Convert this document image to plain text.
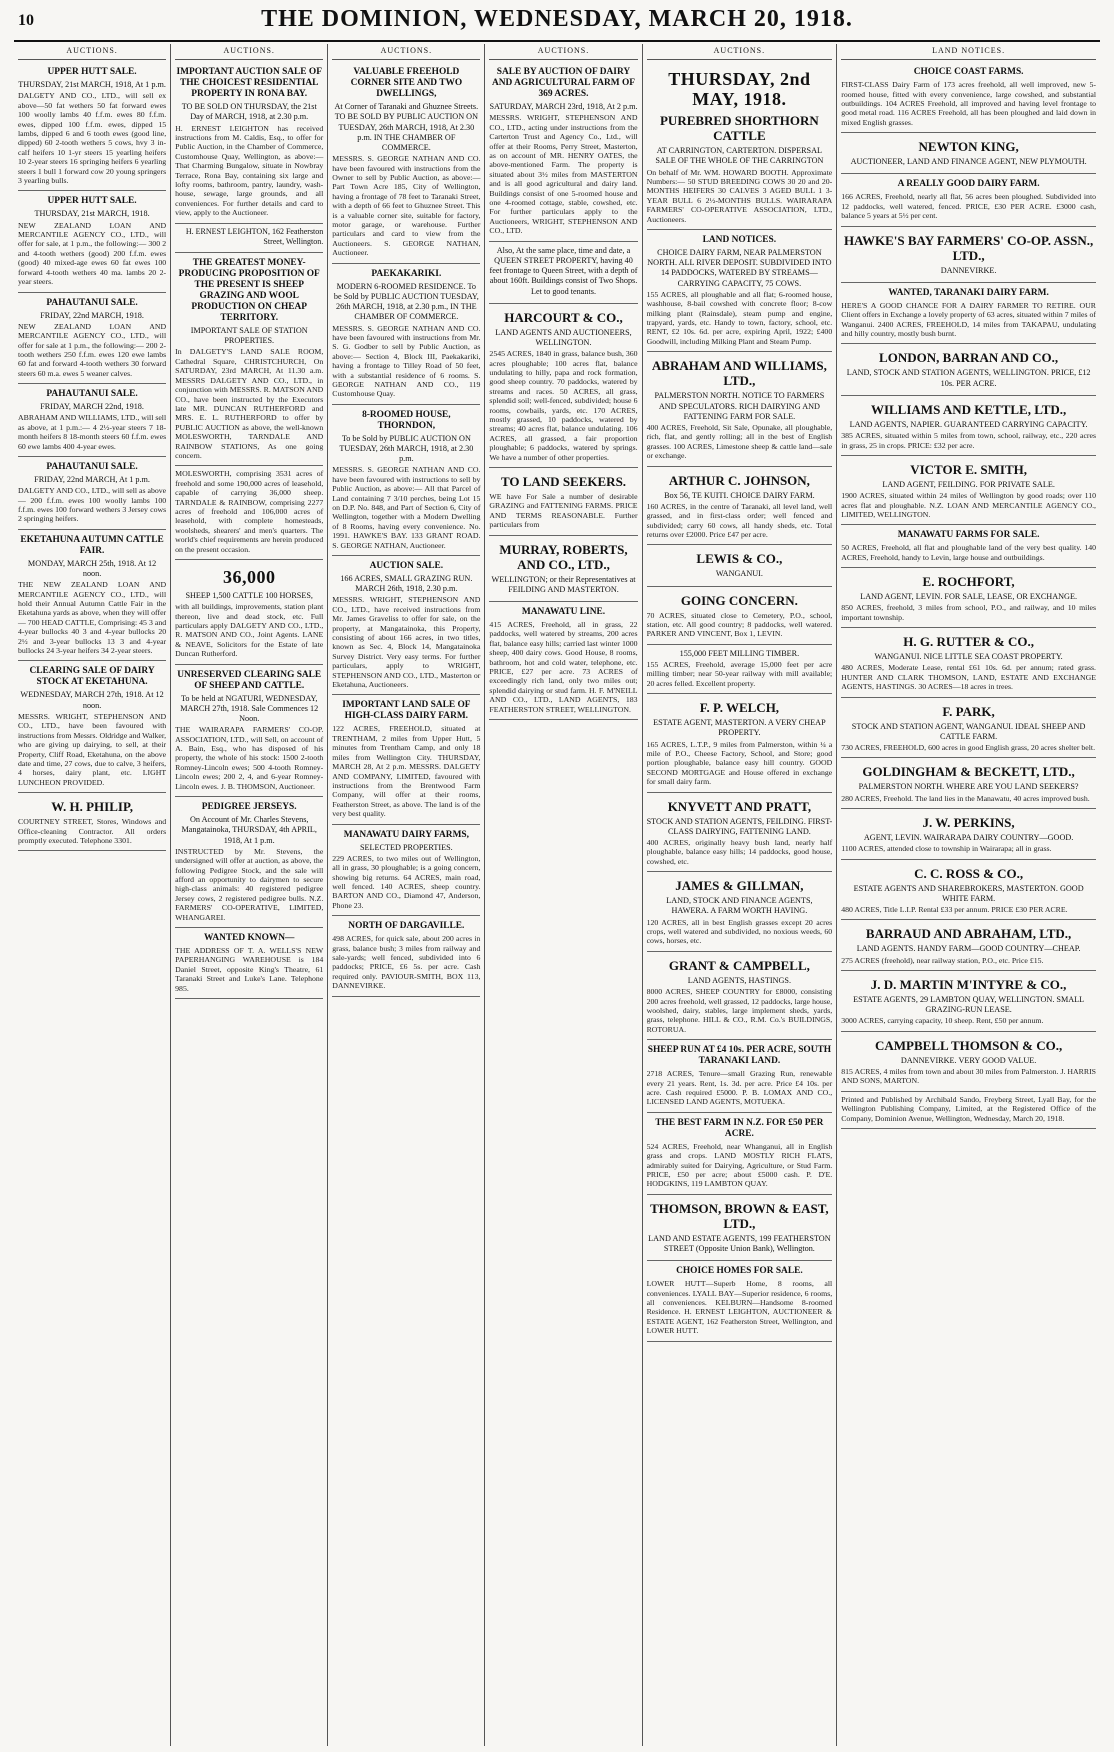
10	THE DOMINION, WEDNESDAY, MARCH 20, 1918.
AUCTIONS.
UPPER HUTT SALE.
THURSDAY, 21st MARCH, 1918, At 1 p.m.
DALGETY AND CO., LTD., will sell ex above—50 fat wethers 50 fat forward ewes 100 woolly lambs 40 f.f.m. ewes 80 f.f.m. ewes, dipped 100 f.f.m. ewes, dipped 15 lambs, dipped 6 and 6 tooth ewes (good line, dipped) 60 2-tooth wethers 5 cows, hvy 3 in-calf heifers 10 1-yr steers 15 yearling heifers 10 2-year steers 16 springing heifers 6 yearling steers 1 bull 1 forward cow 20 young springers 3 yearling bulls.
UPPER HUTT SALE.
THURSDAY, 21st MARCH, 1918.
NEW ZEALAND LOAN AND MERCANTILE AGENCY CO., LTD., will offer for sale, at 1 p.m., the following:— 300 2 and 4-tooth wethers (good) 200 f.f.m. ewes (good) 40 mixed-age ewes 60 fat ewes 100 forward 4-tooth wethers 40 ma. lambs 20 2-year steers.
PAHAUTANUI SALE.
FRIDAY, 22nd MARCH, 1918.
NEW ZEALAND LOAN AND MERCANTILE AGENCY CO., LTD., will offer for sale at 1 p.m., the following:— 200 2-tooth wethers 250 f.f.m. ewes 120 ewe lambs 60 fat and forward 4-tooth wethers 30 forward steers 60 m.a. ewes 5 weaner calves.
PAHAUTANUI SALE.
FRIDAY, MARCH 22nd, 1918.
ABRAHAM AND WILLIAMS, LTD., will sell as above, at 1 p.m.:— 4 2½-year steers 7 18-month heifers 8 18-month steers 60 f.f.m. ewes 60 ewe lambs 400 4-year ewes.
PAHAUTANUI SALE.
FRIDAY, 22nd MARCH, At 1 p.m.
DALGETY AND CO., LTD., will sell as above— 200 f.f.m. ewes 100 woolly lambs 100 f.f.m. ewes 100 forward wethers 3 Jersey cows 2 springing heifers.
EKETAHUNA AUTUMN CATTLE FAIR.
MONDAY, MARCH 25th, 1918. At 12 noon.
THE NEW ZEALAND LOAN AND MERCANTILE AGENCY CO., LTD., will hold their Annual Autumn Cattle Fair in the Eketahuna yards as above, when they will offer— 700 HEAD CATTLE, Comprising: 45 3 and 4-year bullocks 40 3 and 4-year bullocks 20 2½ and 3-year bullocks 13 3 and 4-year bullocks 24 3-year heifers 34 2-year steers.
CLEARING SALE OF DAIRY STOCK AT EKETAHUNA.
WEDNESDAY, MARCH 27th, 1918. At 12 noon.
MESSRS. WRIGHT, STEPHENSON AND CO., LTD., have been favoured with instructions from Messrs. Oldridge and Walker, who are giving up dairying, to sell, at their Property, Cliff Road, Eketahuna, on the above date and time, 27 cows, due to calve, 3 heifers, 4 horses, dairy plant, etc. LIGHT LUNCHEON PROVIDED.
W. H. PHILIP,
COURTNEY STREET, Stores, Windows and Office-cleaning Contractor. All orders promptly executed. Telephone 3301.
AUCTIONS.
IMPORTANT AUCTION SALE OF THE CHOICEST RESIDENTIAL PROPERTY IN RONA BAY.
TO BE SOLD ON THURSDAY, the 21st Day of MARCH, 1918, at 2.30 p.m.
H. ERNEST LEIGHTON has received instructions from M. Caldis, Esq., to offer for Public Auction, in the Chamber of Commerce, Customhouse Quay, Wellington, as above:— That Charming Bungalow, situate in Nowbray Terrace, Rona Bay, containing six large and lofty rooms, bathroom, pantry, laundry, wash-house, sewage, large grounds, and all conveniences. For further details and card to view, apply to the Auctioneer.
H. ERNEST LEIGHTON, 162 Featherston Street, Wellington.
THE GREATEST MONEY-PRODUCING PROPOSITION OF THE PRESENT IS SHEEP GRAZING AND WOOL PRODUCTION ON CHEAP TERRITORY.
IMPORTANT SALE OF STATION PROPERTIES.
In DALGETY'S LAND SALE ROOM, Cathedral Square, CHRISTCHURCH, On SATURDAY, 23rd MARCH, At 11.30 a.m. MESSRS DALGETY AND CO., LTD., in conjunction with MESSRS. R. MATSON AND CO., have been instructed by the Executors late MR. DUNCAN RUTHERFORD and MRS. E. L. RUTHERFORD to offer by PUBLIC AUCTION as above, the well-known MOLESWORTH, TARNDALE AND RAINBOW STATIONS, As one going concern.
MOLESWORTH, comprising 3531 acres of freehold and some 190,000 acres of leasehold, capable of carrying 36,000 sheep. TARNDALE & RAINBOW, comprising 2277 acres of freehold and 106,000 acres of leasehold, with complete homesteads, woolsheds, shearers' and men's quarters. The world's chief requirements are herein produced on the present occasion.
36,000
SHEEP 1,500 CATTLE 100 HORSES,
with all buildings, improvements, station plant thereon, live and dead stock, etc. Full particulars apply DALGETY AND CO., LTD., R. MATSON AND CO., Joint Agents. LANE & NEAVE, Solicitors for the Estate of late Duncan Rutherford.
UNRESERVED CLEARING SALE OF SHEEP AND CATTLE.
To be held at NGATURI, WEDNESDAY, MARCH 27th, 1918. Sale Commences 12 Noon.
THE WAIRARAPA FARMERS' CO-OP. ASSOCIATION, LTD., will Sell, on account of A. Bain, Esq., who has disposed of his property, the whole of his stock: 1500 2-tooth Romney-Lincoln ewes; 500 4-tooth Romney-Lincoln ewes; 200 2, 4, and 6-year Romney-Lincoln ewes. J. B. THOMSON, Auctioneer.
PEDIGREE JERSEYS.
On Account of Mr. Charles Stevens, Mangatainoka, THURSDAY, 4th APRIL, 1918, At 1 p.m.
INSTRUCTED by Mr. Stevens, the undersigned will offer at auction, as above, the following Pedigree Stock, and the sale will afford an opportunity to dairymen to secure high-class animals: 40 registered pedigree Jersey cows, 2 registered pedigree bulls. N.Z. FARMERS' CO-OPERATIVE, LIMITED, WHANGAREI.
WANTED KNOWN—
THE ADDRESS OF T. A. WELLS'S NEW PAPERHANGING WAREHOUSE is 184 Daniel Street, opposite King's Theatre, 61 Taranaki Street and Luke's Lane. Telephone 985.
AUCTIONS.
VALUABLE FREEHOLD CORNER SITE AND TWO DWELLINGS,
At Corner of Taranaki and Ghuznee Streets. TO BE SOLD BY PUBLIC AUCTION ON TUESDAY, 26th MARCH, 1918, At 2.30 p.m. IN THE CHAMBER OF COMMERCE.
MESSRS. S. GEORGE NATHAN AND CO. have been favoured with instructions from the Owner to sell by Public Auction, as above:— Part Town Acre 185, City of Wellington, having a frontage of 78 feet to Taranaki Street, with a depth of 66 feet to Ghuznee Street. This is a valuable corner site, suitable for factory, motor garage, or warehouse. Further particulars and card to view from the Auctioneers. S. GEORGE NATHAN, Auctioneer.
PAEKAKARIKI.
MODERN 6-ROOMED RESIDENCE. To be Sold by PUBLIC AUCTION TUESDAY, 26th MARCH, 1918, at 2.30 p.m., IN THE CHAMBER OF COMMERCE.
MESSRS. S. GEORGE NATHAN AND CO. have been favoured with instructions from Mr. S. G. Godber to sell by Public Auction, as above:— Section 4, Block III, Paekakariki, having a frontage to Tilley Road of 50 feet, with a substantial residence of 6 rooms. S. GEORGE NATHAN AND CO., 119 Customhouse Quay.
8-ROOMED HOUSE, THORNDON,
To be Sold by PUBLIC AUCTION ON TUESDAY, 26th MARCH, 1918, at 2.30 p.m.
MESSRS. S. GEORGE NATHAN AND CO. have been favoured with instructions to sell by Public Auction, as above:— All that Parcel of Land containing 7 3/10 perches, being Lot 15 on D.P. No. 848, and Part of Section 6, City of Wellington, together with a Modern Dwelling of 8 Rooms, having every convenience. No. 1991. HAWKE'S BAY. 133 GRANT ROAD. S. GEORGE NATHAN, Auctioneer.
AUCTION SALE.
166 ACRES, SMALL GRAZING RUN. MARCH 26th, 1918, 2.30 p.m.
MESSRS. WRIGHT, STEPHENSON AND CO., LTD., have received instructions from Mr. James Graveliss to offer for sale, on the property, at Mangatainoka, this Property, consisting of about 166 acres, in two titles, known as Sec. 4, Block 14, Mangatainoka Survey District. Very easy terms. For further particulars, apply to WRIGHT, STEPHENSON AND CO., LTD., Masterton or Eketahuna, Auctioneers.
IMPORTANT LAND SALE OF HIGH-CLASS DAIRY FARM.
122 ACRES, FREEHOLD, situated at TRENTHAM, 2 miles from Upper Hutt, 5 minutes from Trentham Camp, and only 18 miles from Wellington City. THURSDAY, MARCH 28, At 2 p.m. MESSRS. DALGETY AND COMPANY, LIMITED, favoured with instructions from the Brentwood Farm Company, will offer at their rooms, Featherston Street, as above. The land is of the very best quality.
MANAWATU DAIRY FARMS,
SELECTED PROPERTIES.
229 ACRES, to two miles out of Wellington, all in grass, 30 ploughable; is a going concern, showing big returns. 64 ACRES, main road, well fenced. 140 ACRES, sheep country. BARTON AND CO., Diamond 47, Anderson, Phone 23.
NORTH OF DARGAVILLE.
498 ACRES, for quick sale, about 200 acres in grass, balance bush; 3 miles from railway and sale-yards; well fenced, subdivided into 6 paddocks; PRICE, £6 5s. per acre. Cash required only. PAVIOUR-SMITH, BOX 113, DANNEVIRKE.
AUCTIONS.
SALE BY AUCTION OF DAIRY AND AGRICULTURAL FARM OF 369 ACRES.
SATURDAY, MARCH 23rd, 1918, At 2 p.m.
MESSRS. WRIGHT, STEPHENSON AND CO., LTD., acting under instructions from the Carterton Trust and Agency Co., Ltd., will offer at their Rooms, Perry Street, Masterton, as on account of MR. HENRY OATES, the above-mentioned Farm. The property is situated about 3½ miles from MASTERTON and is all good agricultural and dairy land. Buildings consist of one 5-roomed house and one 4-roomed cottage, stable, cowshed, etc. For further particulars apply to the Auctioneers, WRIGHT, STEPHENSON AND CO., LTD.
Also, At the same place, time and date, a QUEEN STREET PROPERTY, having 40 feet frontage to Queen Street, with a depth of about 160ft. Buildings consist of Two Shops. Let to good tenants.
HARCOURT & CO.,
LAND AGENTS AND AUCTIONEERS, WELLINGTON.
2545 ACRES, 1840 in grass, balance bush, 360 acres ploughable; 100 acres flat, balance undulating to hilly, papa and rock formation, good sheep country. 70 paddocks, watered by streams and races. 50 ACRES, all grass, splendid soil; well-fenced, subdivided; house 6 rooms, cowbails, yards, etc. 170 ACRES, mostly grassed, 10 paddocks, watered by streams; 40 acres flat, balance undulating. 106 ACRES, all grassed, a fair proportion ploughable; 6 paddocks, watered by springs. We have a number of other properties.
TO LAND SEEKERS.
WE have For Sale a number of desirable GRAZING and FATTENING FARMS. PRICE AND TERMS REASONABLE. Further particulars from
MURRAY, ROBERTS, AND CO., LTD.,
WELLINGTON; or their Representatives at FEILDING AND MASTERTON.
MANAWATU LINE.
415 ACRES, Freehold, all in grass, 22 paddocks, well watered by streams, 200 acres flat, balance easy hills; carried last winter 1000 sheep, 400 dairy cows. Good House, 8 rooms, bathroom, hot and cold water, telephone, etc. PRICE, £27 per acre. 73 ACRES of exceedingly rich land, only two miles out; splendid dairying or stud farm. H. F. M'NEILL AND CO., LTD., LAND AGENTS, 183 FEATHERSTON STREET, WELLINGTON.
AUCTIONS.
THURSDAY, 2nd MAY, 1918.
PUREBRED SHORTHORN CATTLE
AT CARRINGTON, CARTERTON. DISPERSAL SALE OF THE WHOLE OF THE CARRINGTON
On behalf of Mr. WM. HOWARD BOOTH. Approximate Numbers:— 50 STUD BREEDING COWS 30 20 and 20-MONTHS HEIFERS 30 CALVES 3 AGED BULL 1 3-YEAR BULL 6 2½-MONTHS BULLS. WAIRARAPA FARMERS' CO-OPERATIVE ASSOCIATION, LTD., Auctioneers.
LAND NOTICES.
CHOICE DAIRY FARM, NEAR PALMERSTON NORTH. ALL RIVER DEPOSIT. SUBDIVIDED INTO 14 PADDOCKS, WATERED BY STREAMS—CARRYING CAPACITY, 75 COWS.
155 ACRES, all ploughable and all flat; 6-roomed house, washhouse, 8-bail cowshed with concrete floor; 8-cow milking plant (Rainsdale), steam pump and engine, trapyard, yards, etc. Handy to town, factory, school, etc. RENT, £2 10s. 6d. per acre, expiring April, 1922; £400 Goodwill, including Milking Plant and Steam Pump.
ABRAHAM AND WILLIAMS, LTD.,
PALMERSTON NORTH. NOTICE TO FARMERS AND SPECULATORS. RICH DAIRYING AND FATTENING FARM FOR SALE.
400 ACRES, Freehold, Sit Sale, Opunake, all ploughable, rich, flat, and gently rolling; all in the best of English grasses. 100 ACRES, Limestone sheep & cattle land—sale or exchange.
ARTHUR C. JOHNSON,
Box 56, TE KUITI. CHOICE DAIRY FARM.
160 ACRES, in the centre of Taranaki, all level land, well grassed, and in first-class order; well fenced and subdivided; carry 60 cows, all handy sheds, etc. Total returns over £2000. Price £47 per acre.
LEWIS & CO.,
WANGANUI.
GOING CONCERN.
70 ACRES, situated close to Cemetery, P.O., school, station, etc. All good country; 8 paddocks, well watered. PARKER AND VINCENT, Box 1, LEVIN.
155,000 FEET MILLING TIMBER.
155 ACRES, Freehold, average 15,000 feet per acre milling timber; near 50-year railway with mill available; 20 acres felled. Excellent property.
F. P. WELCH,
ESTATE AGENT, MASTERTON. A VERY CHEAP PROPERTY.
165 ACRES, L.T.P., 9 miles from Palmerston, within ¼ a mile of P.O., Cheese Factory, School, and Store; good portion ploughable, balance easy hill country. GOOD SECOND MORTGAGE and House offered in exchange for small dairy farm.
KNYVETT AND PRATT,
STOCK AND STATION AGENTS, FEILDING. FIRST-CLASS DAIRYING, FATTENING LAND.
400 ACRES, originally heavy bush land, nearly half ploughable, balance easy hills; 14 paddocks, good house, cowshed, etc.
JAMES & GILLMAN,
LAND, STOCK AND FINANCE AGENTS, HAWERA. A FARM WORTH HAVING.
120 ACRES, all in best English grasses except 20 acres crops, well watered and subdivided, no noxious weeds, 60 cows, horses, etc.
GRANT & CAMPBELL,
LAND AGENTS, HASTINGS.
8000 ACRES, SHEEP COUNTRY for £8000, consisting 200 acres freehold, well grassed, 12 paddocks, large house, woolshed, dairy, stables, large implement sheds, yards, grass, telephone. HILL & CO., R.M. Co.'s BUILDINGS, ROTORUA.
SHEEP RUN AT £4 10s. PER ACRE, SOUTH TARANAKI LAND.
2718 ACRES, Tenure—small Grazing Run, renewable every 21 years. Rent, 1s. 3d. per acre. Price £4 10s. per acre. Cash required £5000. P. B. LOMAX AND CO., LICENSED LAND AGENTS, MOTUEKA.
THE BEST FARM IN N.Z. FOR £50 PER ACRE.
524 ACRES, Freehold, near Whanganui, all in English grass and crops. LAND MOSTLY RICH FLATS, admirably suited for Dairying, Agriculture, or Stud Farm. PRICE, £50 per acre; about £5000 cash. P. D'E. HODGKINS, 119 LAMBTON QUAY.
THOMSON, BROWN & EAST, LTD.,
LAND AND ESTATE AGENTS, 199 FEATHERSTON STREET (Opposite Union Bank), Wellington.
CHOICE HOMES FOR SALE.
LOWER HUTT—Superb Home, 8 rooms, all conveniences. LYALL BAY—Superior residence, 6 rooms, all conveniences. KELBURN—Handsome 8-roomed Residence. H. ERNEST LEIGHTON, AUCTIONEER & ESTATE AGENT, 162 Featherston Street, Wellington, and LOWER HUTT.
LAND NOTICES.
CHOICE COAST FARMS.
FIRST-CLASS Dairy Farm of 173 acres freehold, all well improved, new 5-roomed house, fitted with every convenience, large cowshed, and substantial outbuildings. 104 ACRES Freehold, all improved and having level frontage to good metal road. 116 ACRES Freehold, all has been ploughed and laid down in mixed English grasses.
NEWTON KING,
AUCTIONEER, LAND AND FINANCE AGENT, NEW PLYMOUTH.
A REALLY GOOD DAIRY FARM.
166 ACRES, Freehold, nearly all flat, 56 acres been ploughed. Subdivided into 12 paddocks, well watered, fenced. PRICE, £30 PER ACRE. £3000 cash, balance 5 years at 5½ per cent.
HAWKE'S BAY FARMERS' CO-OP. ASSN., LTD.,
DANNEVIRKE.
WANTED, TARANAKI DAIRY FARM.
HERE'S A GOOD CHANCE FOR A DAIRY FARMER TO RETIRE. OUR Client offers in Exchange a lovely property of 63 acres, situated within 7 miles of Wanganui. 2400 ACRES, FREEHOLD, 14 miles from TAKAPAU, undulating and hilly country, mostly bush burnt.
LONDON, BARRAN AND CO.,
LAND, STOCK AND STATION AGENTS, WELLINGTON. PRICE, £12 10s. PER ACRE.
WILLIAMS AND KETTLE, LTD.,
LAND AGENTS, NAPIER. GUARANTEED CARRYING CAPACITY.
385 ACRES, situated within 5 miles from town, school, railway, etc., 220 acres in grass, 25 in crops. PRICE: £32 per acre.
VICTOR E. SMITH,
LAND AGENT, FEILDING. FOR PRIVATE SALE.
1900 ACRES, situated within 24 miles of Wellington by good roads; over 110 acres flat and ploughable. N.Z. LOAN AND MERCANTILE AGENCY CO., LIMITED, WELLINGTON.
MANAWATU FARMS FOR SALE.
50 ACRES, Freehold, all flat and ploughable land of the very best quality. 140 ACRES, Freehold, handy to Levin, large house and outbuildings.
E. ROCHFORT,
LAND AGENT, LEVIN. FOR SALE, LEASE, OR EXCHANGE.
850 ACRES, freehold, 3 miles from school, P.O., and railway, and 10 miles important township.
H. G. RUTTER & CO.,
WANGANUI. NICE LITTLE SEA COAST PROPERTY.
480 ACRES, Moderate Lease, rental £61 10s. 6d. per annum; rated grass. HUNTER AND CLARK THOMSON, LAND, ESTATE AND EXCHANGE AGENTS, HASTINGS. 30 ACRES—18 acres in trees.
F. PARK,
STOCK AND STATION AGENT, WANGANUI. IDEAL SHEEP AND CATTLE FARM.
730 ACRES, FREEHOLD, 600 acres in good English grass, 20 acres shelter belt.
GOLDINGHAM & BECKETT, LTD.,
PALMERSTON NORTH. WHERE ARE YOU LAND SEEKERS?
280 ACRES, Freehold. The land lies in the Manawatu, 40 acres improved bush.
J. W. PERKINS,
AGENT, LEVIN. WAIRARAPA DAIRY COUNTRY—GOOD.
1100 ACRES, attended close to township in Wairarapa; all in grass.
C. C. ROSS & CO.,
ESTATE AGENTS AND SHAREBROKERS, MASTERTON. GOOD WHITE FARM.
480 ACRES, Title L.I.P. Rental £33 per annum. PRICE £30 PER ACRE.
BARRAUD AND ABRAHAM, LTD.,
LAND AGENTS. HANDY FARM—GOOD COUNTRY—CHEAP.
275 ACRES (freehold), near railway station, P.O., etc. Price £15.
J. D. MARTIN M'INTYRE & CO.,
ESTATE AGENTS, 29 LAMBTON QUAY, WELLINGTON. SMALL GRAZING-RUN LEASE.
3000 ACRES, carrying capacity, 10 sheep. Rent, £50 per annum.
CAMPBELL THOMSON & CO.,
DANNEVIRKE. VERY GOOD VALUE.
815 ACRES, 4 miles from town and about 30 miles from Palmerston. J. HARRIS AND SONS, MARTON.
Printed and Published by Archibald Sando, Freyberg Street, Lyall Bay, for the Wellington Publishing Company, Limited, at the Registered Office of the Company, Dominion Avenue, Wellington, Wednesday, March 20, 1918.
